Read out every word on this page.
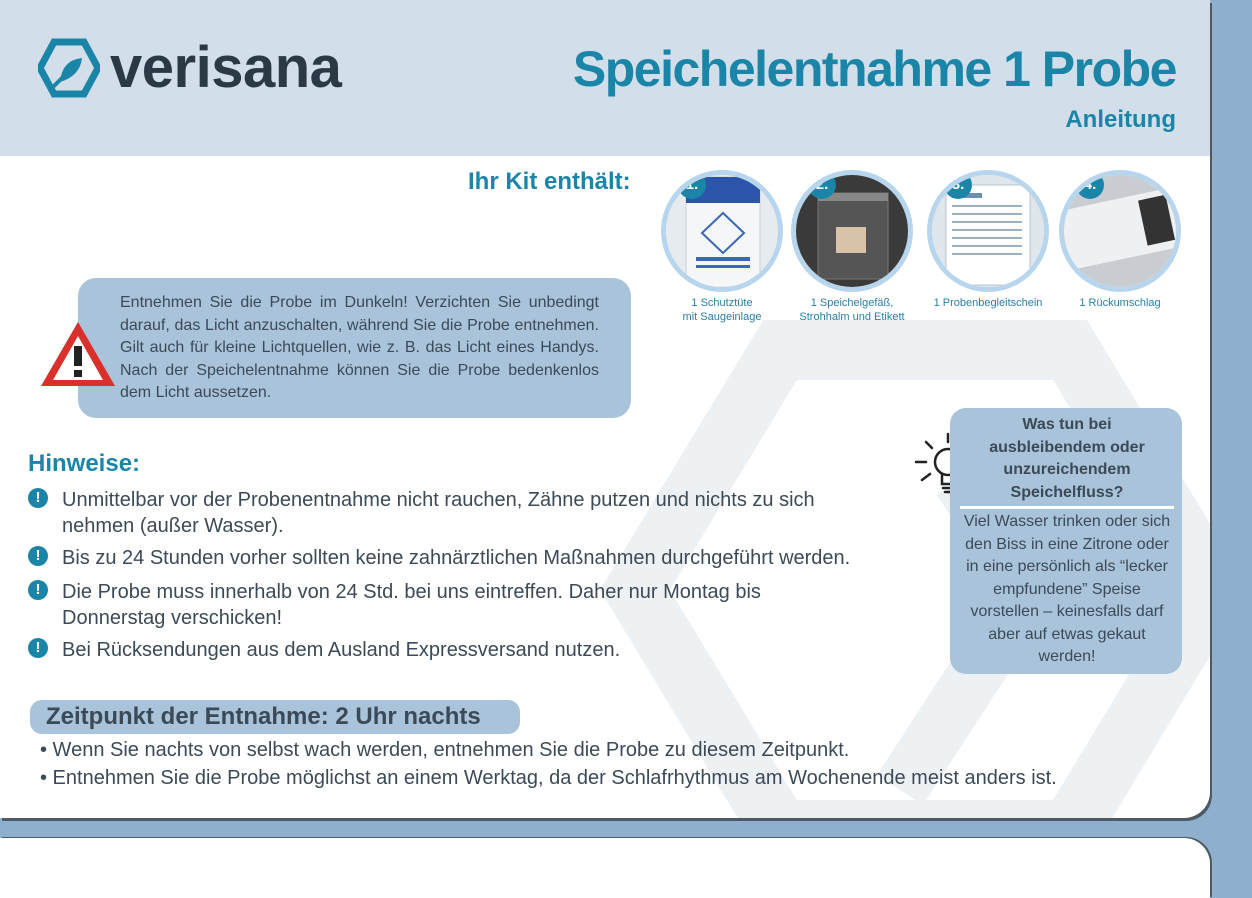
verisana	Speichelentnahme 1 Probe
Anleitung
Ihr Kit enthält:	1.
1 Schutztüte
mit Saugeinlage
2.
1 Speichelgefäß,
Strohhalm und Etikett
3.
1 Probenbegleitschein
4.
1 Rückumschlag
Entnehmen Sie die Probe im Dunkeln! Verzichten Sie unbedingt darauf, das Licht anzuschalten, während Sie die Probe entnehmen. Gilt auch für kleine Lichtquellen, wie z. B. das Licht eines Handys. Nach der Speichelentnahme können Sie die Probe bedenkenlos dem Licht aussetzen.
Hinweise:
!	Unmittelbar vor der Probenentnahme nicht rauchen, Zähne putzen und nichts zu sich nehmen (außer Wasser).
!	Bis zu 24 Stunden vorher sollten keine zahnärztlichen Maßnahmen durchgeführt werden.
!	Die Probe muss innerhalb von 24 Std. bei uns eintreffen. Daher nur Montag bis Donnerstag verschicken!
!	Bei Rücksendungen aus dem Ausland Expressversand nutzen.
Was tun bei ausbleibendem oder unzureichendem Speichelfluss?
Viel Wasser trinken oder sich den Biss in eine Zitrone oder in eine persönlich als “lecker empfundene” Speise vorstellen – keinesfalls darf aber auf etwas gekaut werden!
Zeitpunkt der Entnahme: 2 Uhr nachts
• Wenn Sie nachts von selbst wach werden, entnehmen Sie die Probe zu diesem Zeitpunkt.
• Entnehmen Sie die Probe möglichst an einem Werktag, da der Schlafrhythmus am Wochenende meist anders ist.
